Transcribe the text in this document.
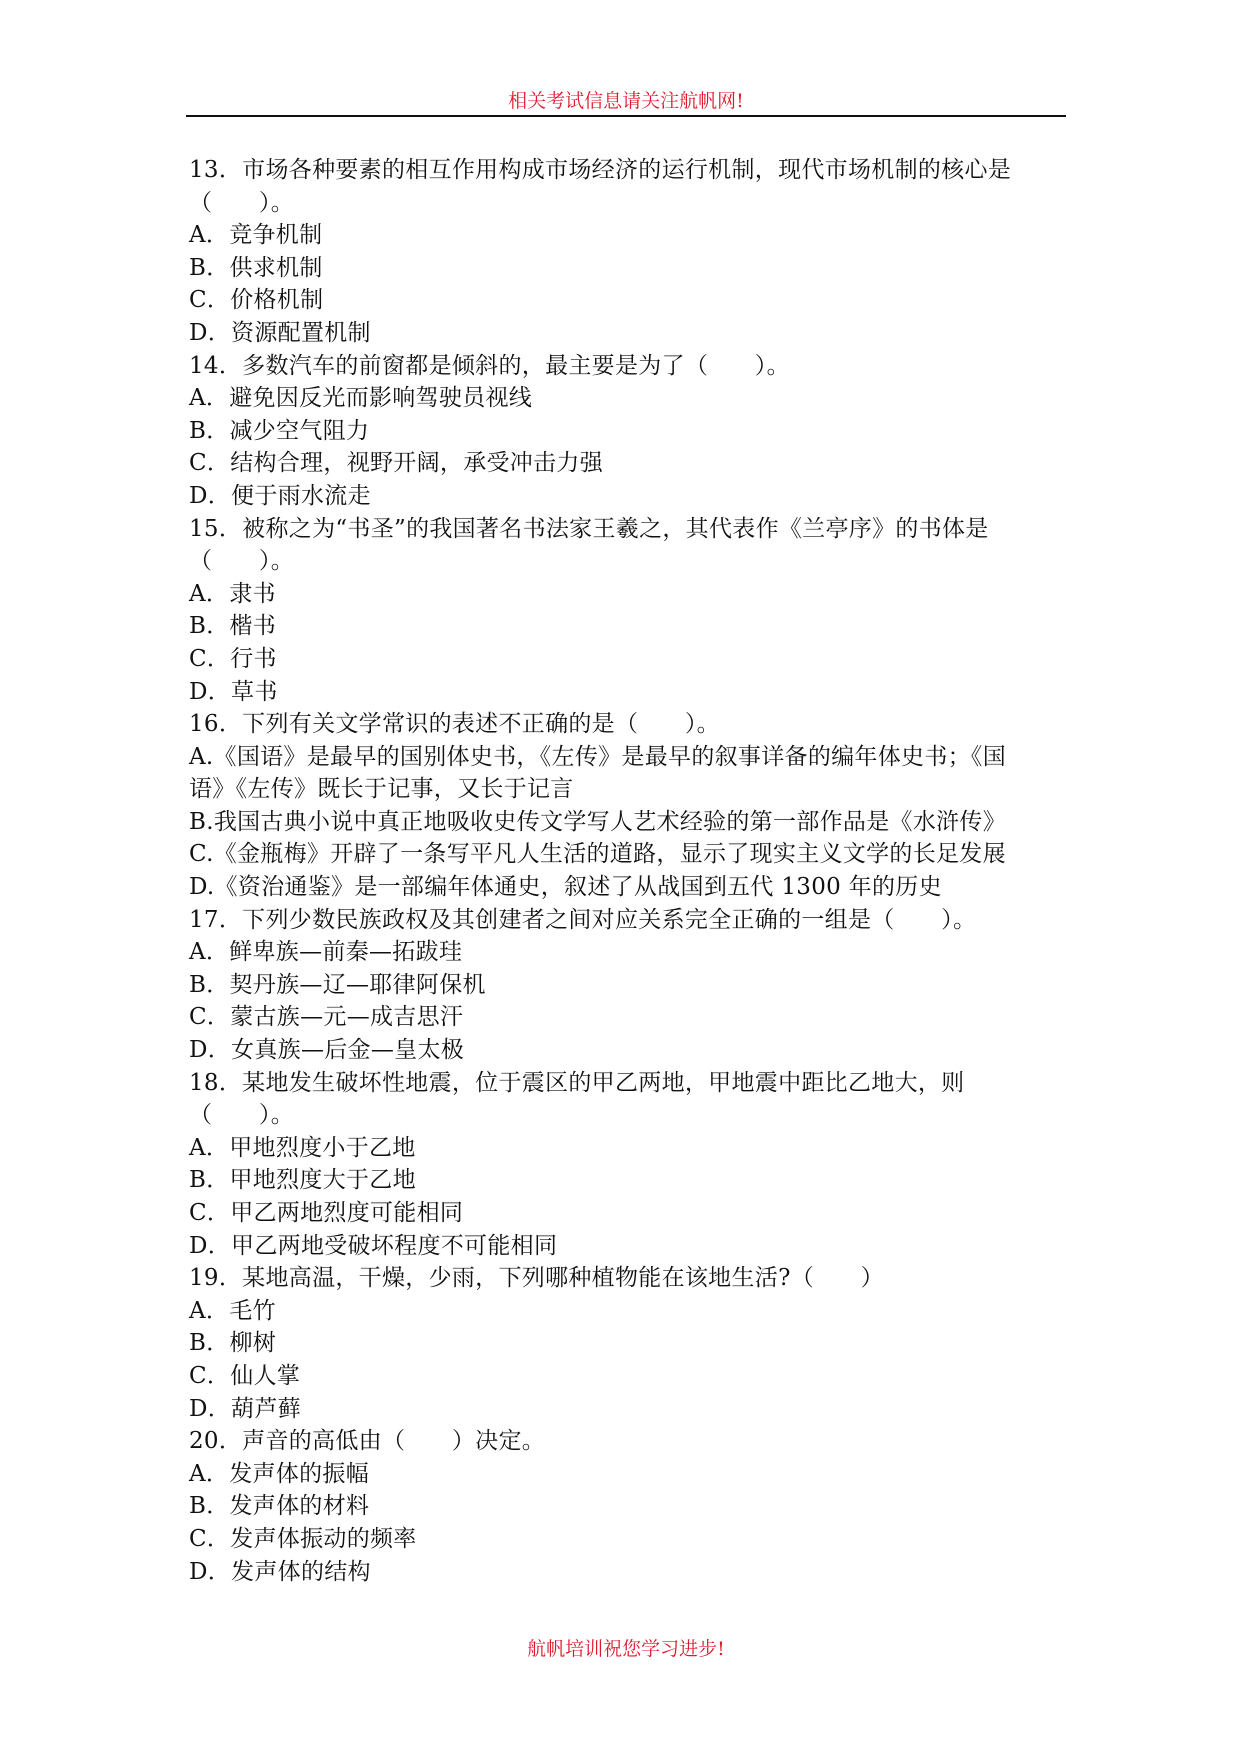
相关考试信息请关注航帆网!
13．市场各种要素的相互作用构成市场经济的运行机制，现代市场机制的核心是
（　　）。
A．竞争机制
B．供求机制
C．价格机制
D．资源配置机制
14．多数汽车的前窗都是倾斜的，最主要是为了（　　）。
A．避免因反光而影响驾驶员视线
B．减少空气阻力
C．结构合理，视野开阔，承受冲击力强
D．便于雨水流走
15．被称之为“书圣”的我国著名书法家王羲之，其代表作《兰亭序》的书体是
（　　）。
A．隶书
B．楷书
C．行书
D．草书
16．下列有关文学常识的表述不正确的是（　　）。
A.《国语》是最早的国别体史书，《左传》是最早的叙事详备的编年体史书；《国
语》《左传》既长于记事，又长于记言
B.我国古典小说中真正地吸收史传文学写人艺术经验的第一部作品是《水浒传》
C.《金瓶梅》开辟了一条写平凡人生活的道路，显示了现实主义文学的长足发展
D.《资治通鉴》是一部编年体通史，叙述了从战国到五代 1300 年的历史
17．下列少数民族政权及其创建者之间对应关系完全正确的一组是（　　）。
A．鲜卑族—前秦—拓跋珪
B．契丹族—辽—耶律阿保机
C．蒙古族—元—成吉思汗
D．女真族—后金—皇太极
18．某地发生破坏性地震，位于震区的甲乙两地，甲地震中距比乙地大，则
（　　）。
A．甲地烈度小于乙地
B．甲地烈度大于乙地
C．甲乙两地烈度可能相同
D．甲乙两地受破坏程度不可能相同
19．某地高温，干燥，少雨，下列哪种植物能在该地生活?（　　）
A．毛竹
B．柳树
C．仙人掌
D．葫芦藓
20．声音的高低由（　　）决定。
A．发声体的振幅
B．发声体的材料
C．发声体振动的频率
D．发声体的结构
航帆培训祝您学习进步!
